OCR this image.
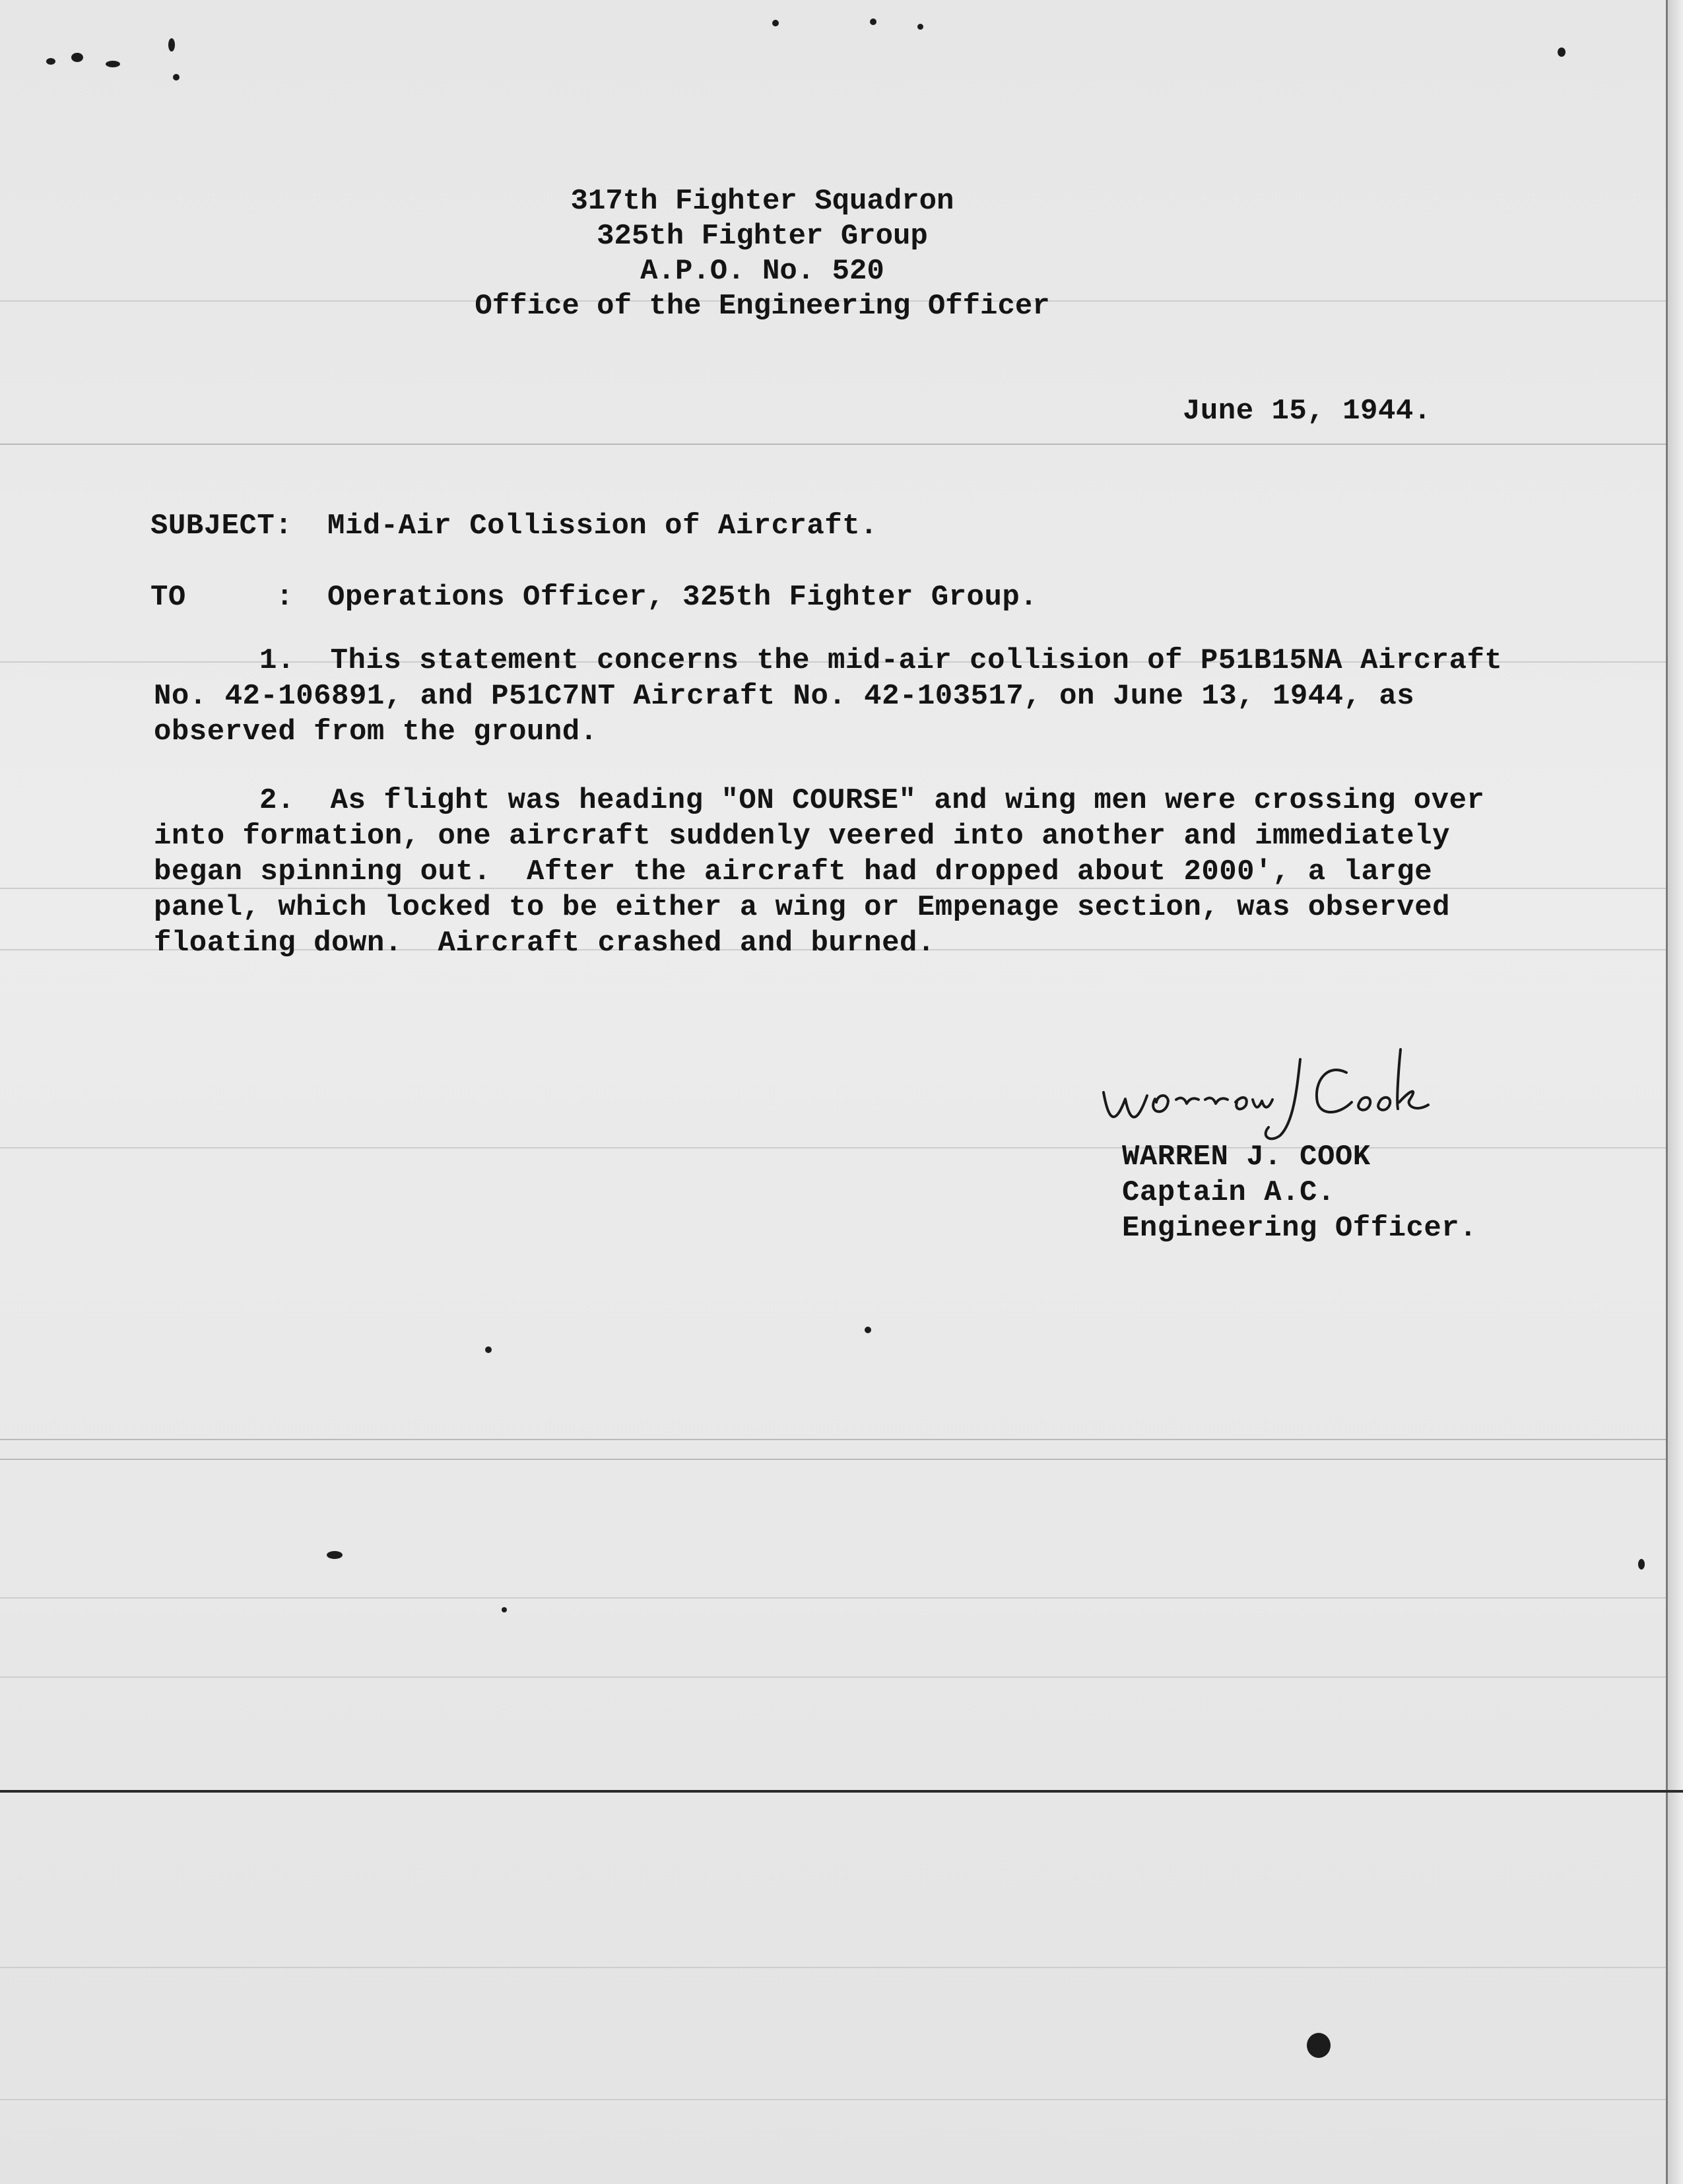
317th Fighter Squadron
325th Fighter Group
A.P.O. No. 520
Office of the Engineering Officer
June 15, 1944.
SUBJECT: Mid-Air Collission of Aircraft.
TO	: Operations Officer, 325th Fighter Group.
1.  This statement concerns the mid-air collision of P51B15NA Aircraft
No. 42-106891, and P51C7NT Aircraft No. 42-103517, on June 13, 1944, as
observed from the ground.
2.  As flight was heading "ON COURSE" and wing men were crossing over
into formation, one aircraft suddenly veered into another and immediately
began spinning out.  After the aircraft had dropped about 2000', a large
panel, which locked to be either a wing or Empenage section, was observed
floating down.  Aircraft crashed and burned.
WARREN J. COOK
Captain A.C.
Engineering Officer.
